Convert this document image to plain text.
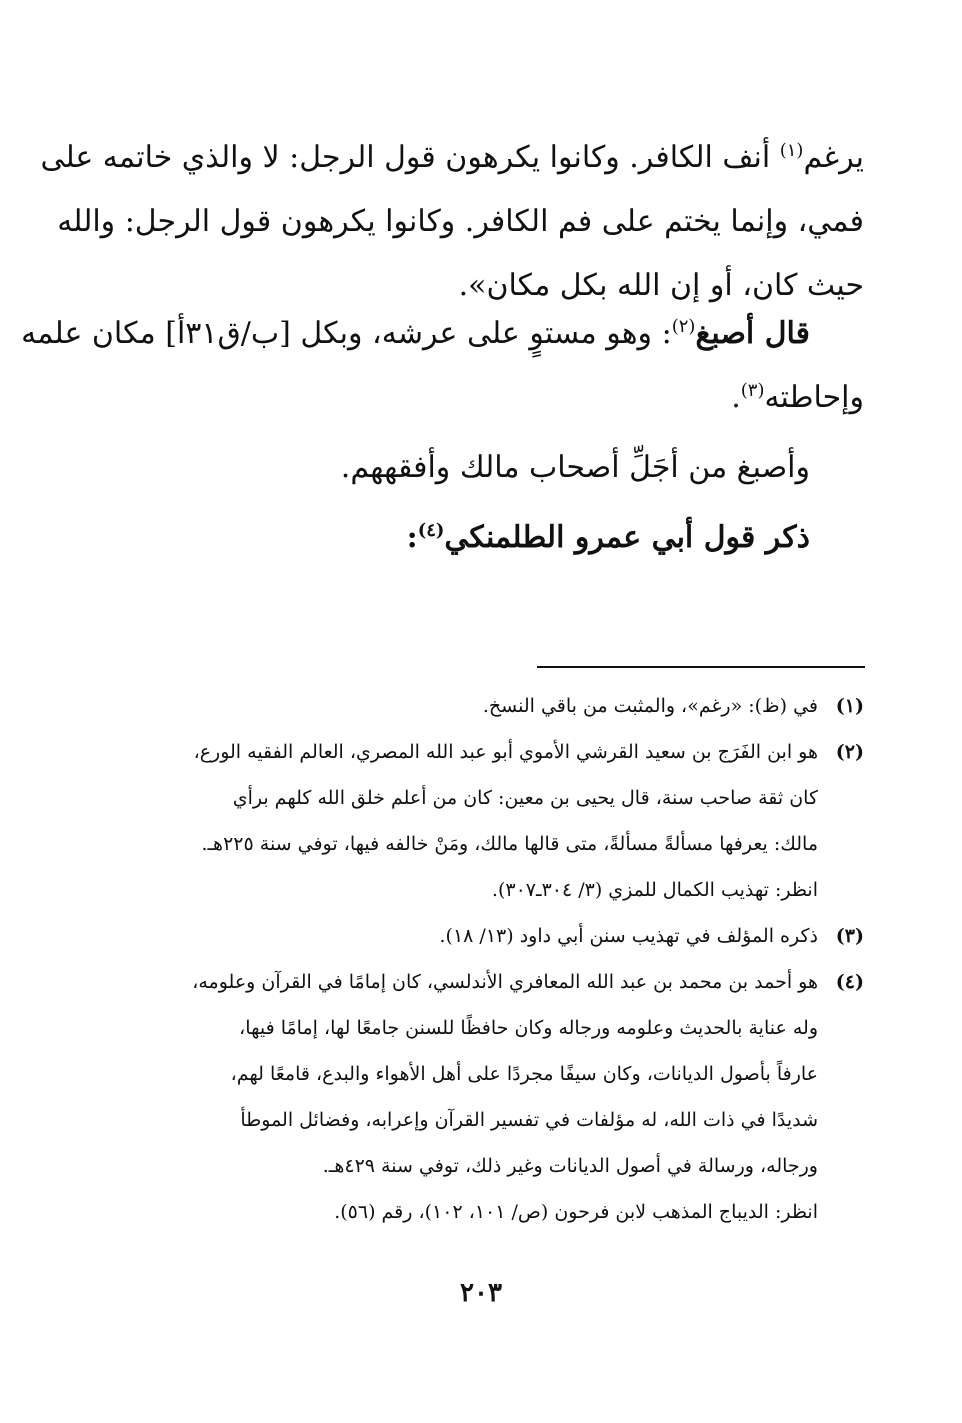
يرغم$^{(١)}$ أنف الكافر. وكانوا يكرهون قول الرجل: لا والذي خاتمه على
فمي، وإنما يختم على فم الكافر. وكانوا يكرهون قول الرجل: والله
حيث كان، أو إن الله بكل مكان».
قال أصبغ$^{(٢)}$: وهو مستوٍ على عرشه، وبكل [ب/ق٣١أ] مكان علمه
وإحاطته$^{(٣)}$.
وأصبغ من أجَلِّ أصحاب مالك وأفقههم.
ذكر قول أبي عمرو الطلمنكي$^{(٤)}$:
(١)في (ظ): «رغم»، والمثبت من باقي النسخ.
(٢)هو ابن الفَرَج بن سعيد القرشي الأموي أبو عبد الله المصري، العالم الفقيه الورع،
كان ثقة صاحب سنة، قال يحيى بن معين: كان من أعلم خلق الله كلهم برأي
مالك: يعرفها مسألةً مسألةً، متى قالها مالك، ومَنْ خالفه فيها، توفي سنة ٢٢٥هـ.
انظر: تهذيب الكمال للمزي (٣/ ٣٠٤ـ٣٠٧).
(٣)ذكره المؤلف في تهذيب سنن أبي داود (١٣/ ١٨).
(٤)هو أحمد بن محمد بن عبد الله المعافري الأندلسي، كان إمامًا في القرآن وعلومه،
وله عناية بالحديث وعلومه ورجاله وكان حافظًا للسنن جامعًا لها، إمامًا فيها،
عارفاً بأصول الديانات، وكان سيفًا مجردًا على أهل الأهواء والبدع، قامعًا لهم،
شديدًا في ذات الله، له مؤلفات في تفسير القرآن وإعرابه، وفضائل الموطأ
ورجاله، ورسالة في أصول الديانات وغير ذلك، توفي سنة ٤٢٩هـ.
انظر: الديباج المذهب لابن فرحون (ص/ ١٠١، ١٠٢)، رقم (٥٦).
٢٠٣
